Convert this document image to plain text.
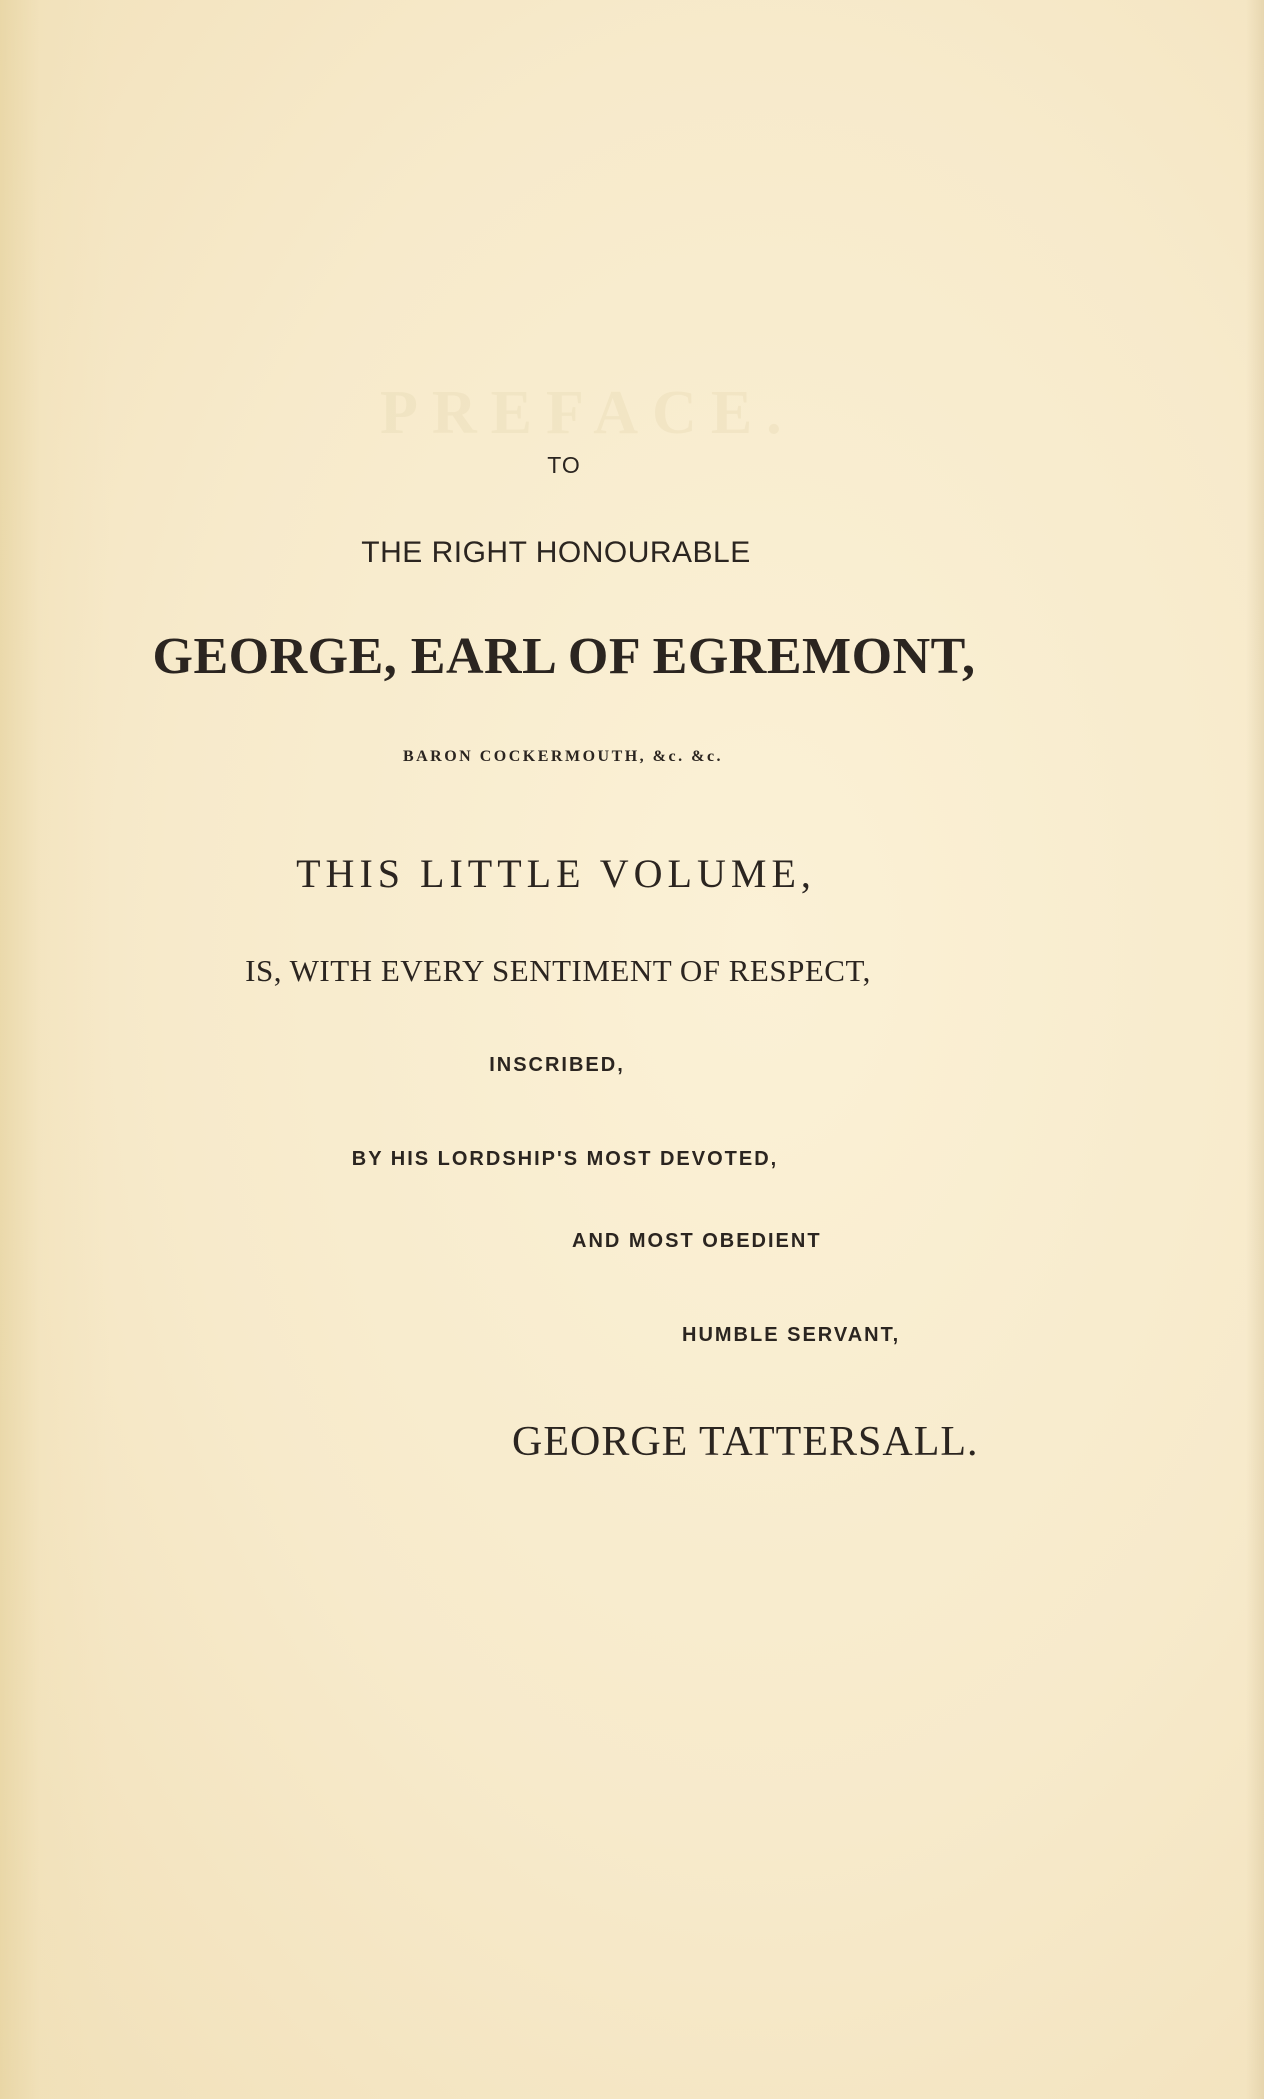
PREFACE.
TO
THE RIGHT HONOURABLE
GEORGE, EARL OF EGREMONT,
BARON COCKERMOUTH, &c. &c.
THIS LITTLE VOLUME,
IS, WITH EVERY SENTIMENT OF RESPECT,
INSCRIBED,
BY HIS LORDSHIP'S MOST DEVOTED,
AND MOST OBEDIENT
HUMBLE SERVANT,
GEORGE TATTERSALL.
